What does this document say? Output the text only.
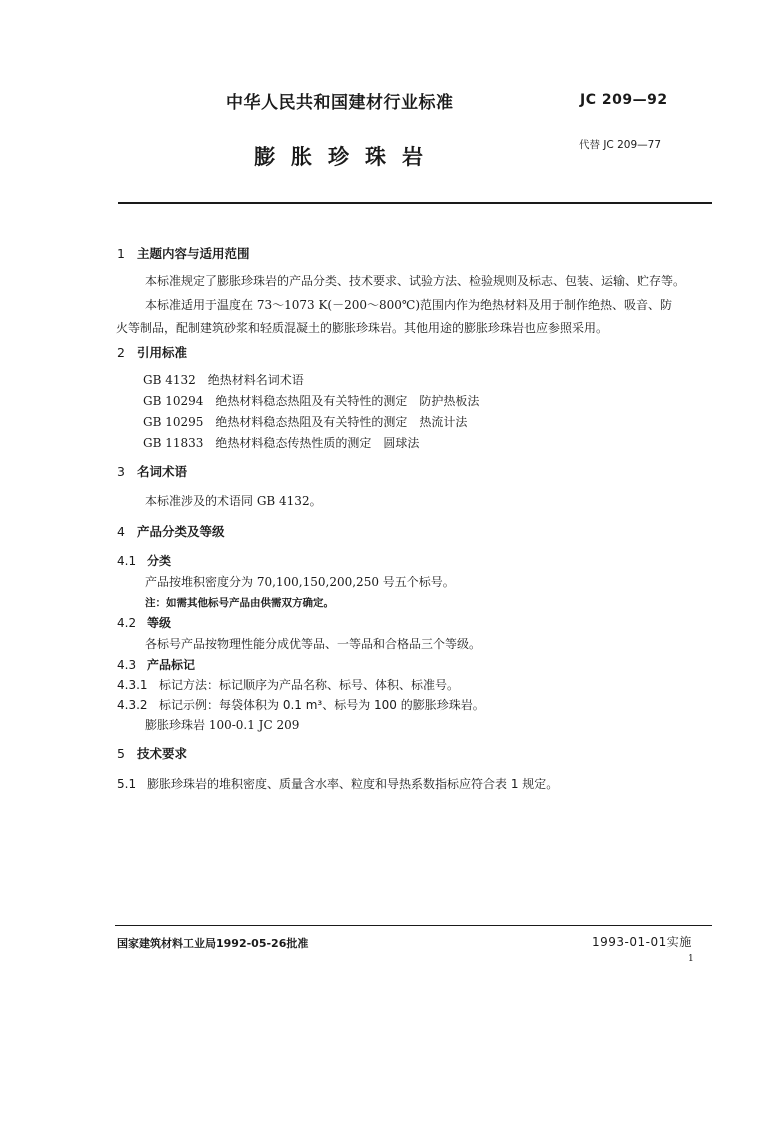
中华人民共和国建材行业标准	JC 209—92
膨胀珍珠岩	代替 JC 209—77
1 主题内容与适用范围
本标准规定了膨胀珍珠岩的产品分类、技术要求、试验方法、检验规则及标志、包装、运输、贮存等。
本标准适用于温度在 73～1073 K(－200～800℃)范围内作为绝热材料及用于制作绝热、吸音、防
火等制品，配制建筑砂浆和轻质混凝土的膨胀珍珠岩。其他用途的膨胀珍珠岩也应参照采用。
2 引用标准
GB 4132　绝热材料名词术语
GB 10294　绝热材料稳态热阻及有关特性的测定　防护热板法
GB 10295　绝热材料稳态热阻及有关特性的测定　热流计法
GB 11833　绝热材料稳态传热性质的测定　圆球法
3 名词术语
本标准涉及的术语同 GB 4132。
4 产品分类及等级
4.1 分类
产品按堆积密度分为 70,100,150,200,250 号五个标号。
注：如需其他标号产品由供需双方确定。
4.2 等级
各标号产品按物理性能分成优等品、一等品和合格品三个等级。
4.3 产品标记
4.3.1 标记方法：标记顺序为产品名称、标号、体积、标准号。
4.3.2 标记示例：每袋体积为 0.1 m³、标号为 100 的膨胀珍珠岩。
膨胀珍珠岩 100-0.1 JC 209
5 技术要求
5.1 膨胀珍珠岩的堆积密度、质量含水率、粒度和导热系数指标应符合表 1 规定。
国家建筑材料工业局1992-05-26批准	1993-01-01实施
1
